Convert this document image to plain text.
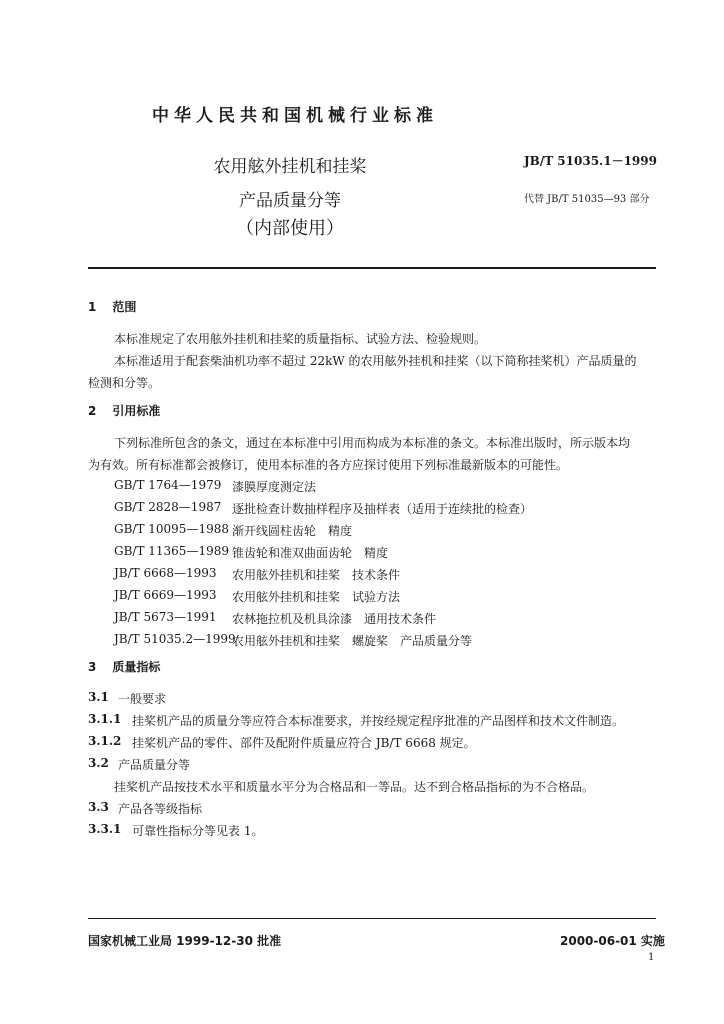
中华人民共和国机械行业标准
农用舷外挂机和挂桨
产品质量分等
（内部使用）
JB/T 51035.1－1999
代替 JB/T 51035—93 部分
1 范围
本标准规定了农用舷外挂机和挂桨的质量指标、试验方法、检验规则。
本标准适用于配套柴油机功率不超过 22kW 的农用舷外挂机和挂桨（以下简称挂桨机）产品质量的
检测和分等。
2 引用标准
下列标准所包含的条文，通过在本标准中引用而构成为本标准的条文。本标准出版时，所示版本均
为有效。所有标准都会被修订，使用本标准的各方应探讨使用下列标准最新版本的可能性。
GB/T 1764—1979 漆膜厚度测定法
GB/T 2828—1987 逐批检查计数抽样程序及抽样表（适用于连续批的检查）
GB/T 10095—1988 渐开线圆柱齿轮　精度
GB/T 11365—1989 锥齿轮和准双曲面齿轮　精度
JB/T 6668—1993 农用舷外挂机和挂桨　技术条件
JB/T 6669—1993 农用舷外挂机和挂桨　试验方法
JB/T 5673—1991 农林拖拉机及机具涂漆　通用技术条件
JB/T 51035.2—1999
农用舷外挂机和挂桨　螺旋桨　产品质量分等
3 质量指标
3.1 一般要求
3.1.1 挂桨机产品的质量分等应符合本标准要求，并按经规定程序批准的产品图样和技术文件制造。
3.1.2 挂桨机产品的零件、部件及配附件质量应符合 JB/T 6668 规定。
3.2 产品质量分等
挂桨机产品按技术水平和质量水平分为合格品和一等品。达不到合格品指标的为不合格品。
3.3 产品各等级指标
3.3.1 可靠性指标分等见表 1。
国家机械工业局 1999-12-30 批准	2000-06-01 实施
1
